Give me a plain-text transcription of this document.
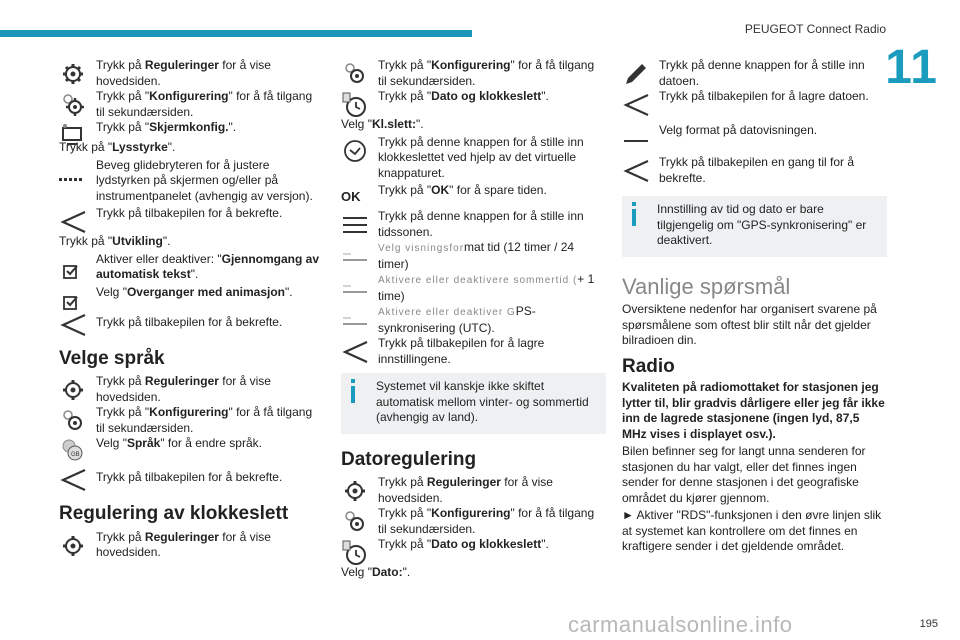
PEUGEOT Connect Radio
11
Trykk på Reguleringer for å vise hovedsiden.
Trykk på "Konfigurering" for å få tilgang til sekundærsiden.
Trykk på "Skjermkonfig.".
Trykk på "Lysstyrke".
Beveg glidebryteren for å justere lydstyrken på skjermen og/eller på instrumentpanelet (avhengig av versjon).
Trykk på tilbakepilen for å bekrefte.
Trykk på "Utvikling".
Aktiver eller deaktiver: "Gjennomgang av automatisk tekst".
Velg "Overganger med animasjon".
Trykk på tilbakepilen for å bekrefte.
Velge språk
Trykk på Reguleringer for å vise hovedsiden.
Trykk på "Konfigurering" for å få tilgang til sekundærsiden.
GB
Velg "Språk" for å endre språk.
Trykk på tilbakepilen for å bekrefte.
Regulering av klokkeslett
Trykk på Reguleringer for å vise hovedsiden.
Trykk på "Konfigurering" for å få tilgang til sekundærsiden.
Trykk på "Dato og klokkeslett".
Velg "Kl.slett:".
Trykk på denne knappen for å stille inn klokkeslettet ved hjelp av det virtuelle knappaturet.
OK	Trykk på "OK" for å spare tiden.
Trykk på denne knappen for å stille inn tidssonen.
Velg visningsformat tid (12 timer / 24 timer)
Aktivere eller deaktivere sommertid (+ 1 time)
Aktivere eller deaktiver GPS-synkronisering (UTC).
Trykk på tilbakepilen for å lagre innstillingene.
Systemet vil kanskje ikke skiftet automatisk mellom vinter- og sommertid (avhengig av land).
Datoregulering
Trykk på Reguleringer for å vise hovedsiden.
Trykk på "Konfigurering" for å få tilgang til sekundærsiden.
Trykk på "Dato og klokkeslett".
Velg "Dato:".
Trykk på denne knappen for å stille inn datoen.
Trykk på tilbakepilen for å lagre datoen.
Velg format på datovisningen.
Trykk på tilbakepilen en gang til for å bekrefte.
Innstilling av tid og dato er bare tilgjengelig om "GPS-synkronisering" er deaktivert.
Vanlige spørsmål
Oversiktene nedenfor har organisert svarene på spørsmålene som oftest blir stilt når det gjelder bilradioen din.
Radio
Kvaliteten på radiomottaket for stasjonen jeg lytter til, blir gradvis dårligere eller jeg får ikke inn de lagrede stasjonene (ingen lyd, 87,5 MHz vises i displayet osv.).
Bilen befinner seg for langt unna senderen for stasjonen du har valgt, eller det finnes ingen sender for denne stasjonen i det geografiske området du kjører gjennom.
► Aktiver "RDS"-funksjonen i den øvre linjen slik at systemet kan kontrollere om det finnes en kraftigere sender i det gjeldende området.
carmanualsonline.info	195
